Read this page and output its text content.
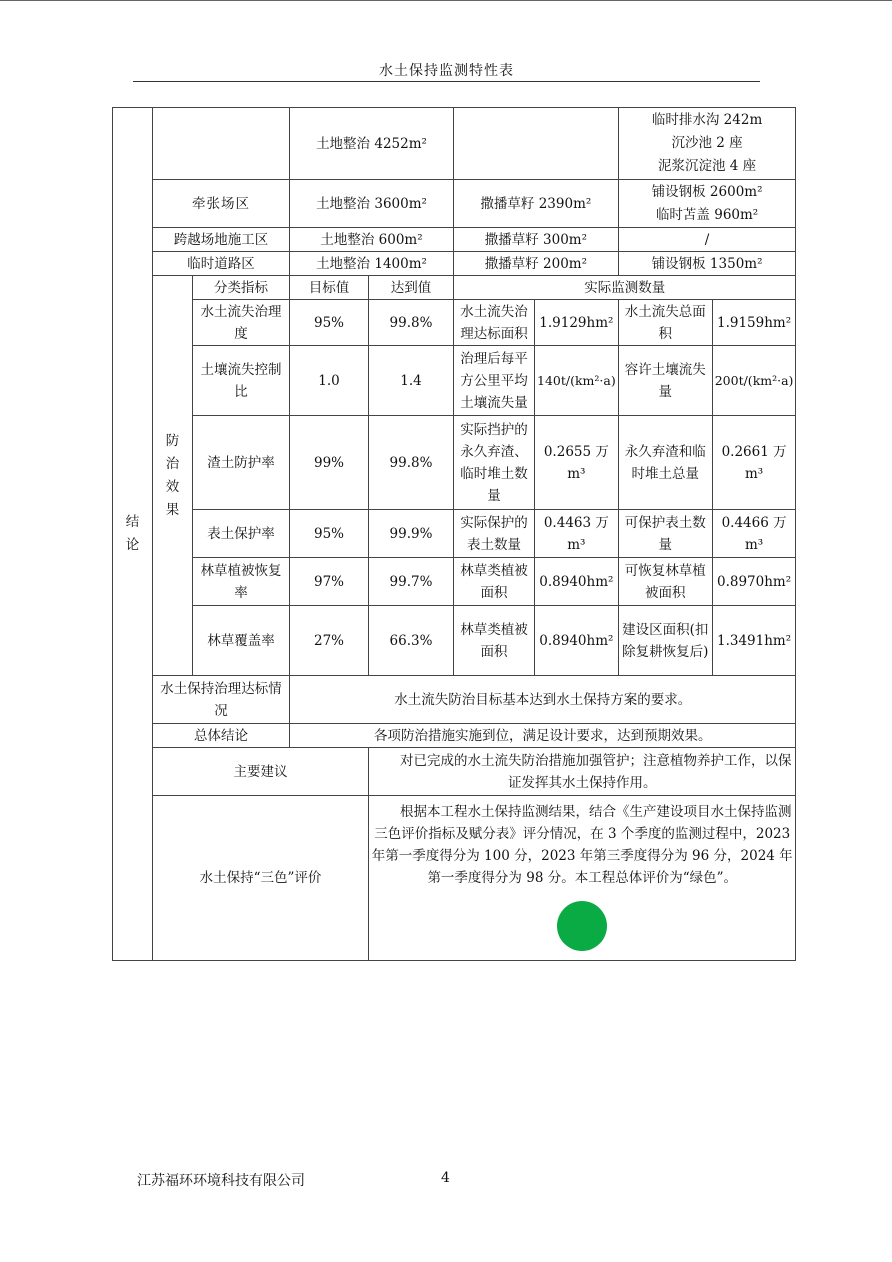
水土保持监测特性表
结
论			土地整治 4252m²				临时排水沟 242m
沉沙池 2 座
泥浆沉淀池 4 座	

	牵张场区		土地整治 3600m²		撒播草籽 2390m²		铺设钢板 2600m²
临时苫盖 960m²	

	跨越场地施工区		土地整治 600m²		撒播草籽 300m²		/	
	临时道路区		土地整治 1400m²		撒播草籽 200m²		铺设钢板 1350m²	

	防
治
效
果	分类指标	目标值	达到值	实际监测数量			
		水土流失治理度	95%	99.8%	水土流失治理达标面积	1.9129hm²	水土流失总面积	1.9159hm²
		土壤流失控制比	1.0	1.4	治理后每平方公里平均土壤流失量	140t/(km²·a)	容许土壤流失量	200t/(km²·a)
		渣土防护率	99%	99.8%	实际挡护的永久弃渣、临时堆土数量	0.2655 万m³	永久弃渣和临时堆土总量	0.2661 万m³
		表土保护率	95%	99.9%	实际保护的表土数量	0.4463 万m³	可保护表土数量	0.4466 万m³
		林草植被恢复率	97%	99.7%	林草类植被面积	0.8940hm²	可恢复林草植被面积	0.8970hm²
		林草覆盖率	27%	66.3%	林草类植被面积	0.8940hm²	建设区面积(扣除复耕恢复后)	1.3491hm²
	水土保持治理达标情况		水土流失防治目标基本达到水土保持方案的要求。					
	总体结论		各项防治措施实施到位，满足设计要求，达到预期效果。					
	主要建议			对已完成的水土流失防治措施加强管护；注意植物养护工作，以保证发挥其水土保持作用。				
	水土保持“三色”评价			根据本工程水土保持监测结果，结合《生产建设项目水土保持监测三色评价指标及赋分表》评分情况，在 3 个季度的监测过程中，2023 年第一季度得分为 100 分，2023 年第三季度得分为 96 分，2024 年第一季度得分为 98 分。本工程总体评价为“绿色”。				
江苏福环环境科技有限公司	4
